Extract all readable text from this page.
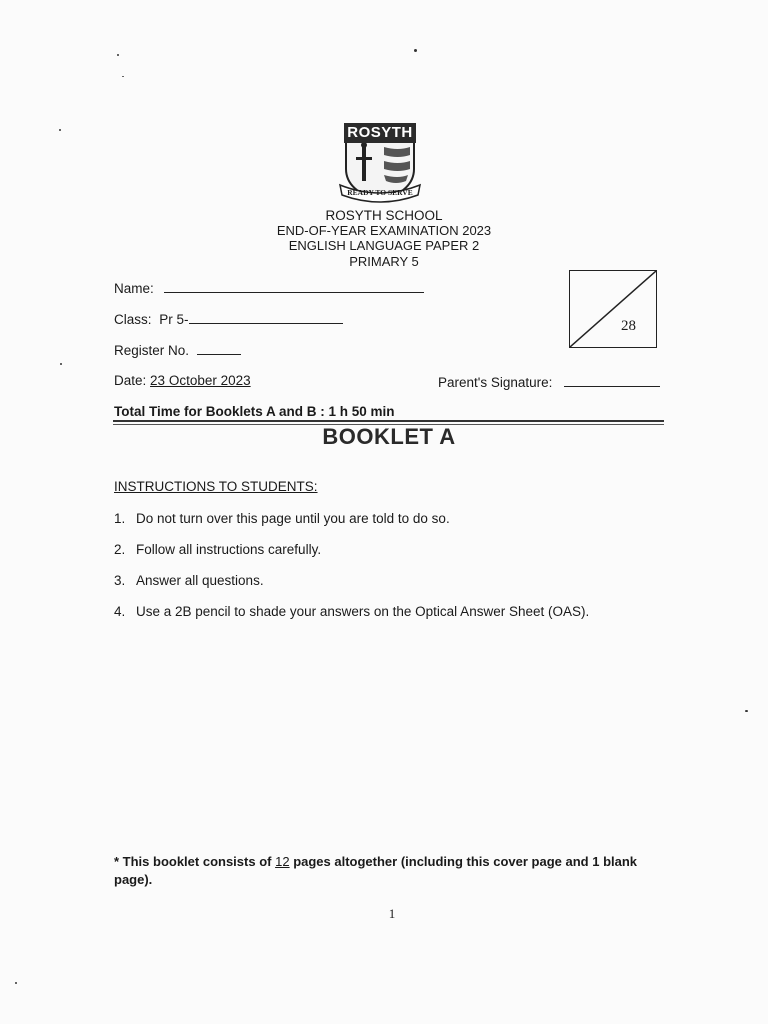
ROSYTH
READY TO SERVE
ROSYTH SCHOOL
END-OF-YEAR EXAMINATION 2023
ENGLISH LANGUAGE PAPER 2
PRIMARY 5
Name:
Class: Pr 5-
Register No.
Date: 23 October 2023	Parent's Signature:
28
Total Time for Booklets A and B : 1 h 50 min
BOOKLET A
INSTRUCTIONS TO STUDENTS:
1. Do not turn over this page until you are told to do so.
2. Follow all instructions carefully.
3. Answer all questions.
4. Use a 2B pencil to shade your answers on the Optical Answer Sheet (OAS).
* This booklet consists of 12 pages altogether (including this cover page and 1 blank page).
1
